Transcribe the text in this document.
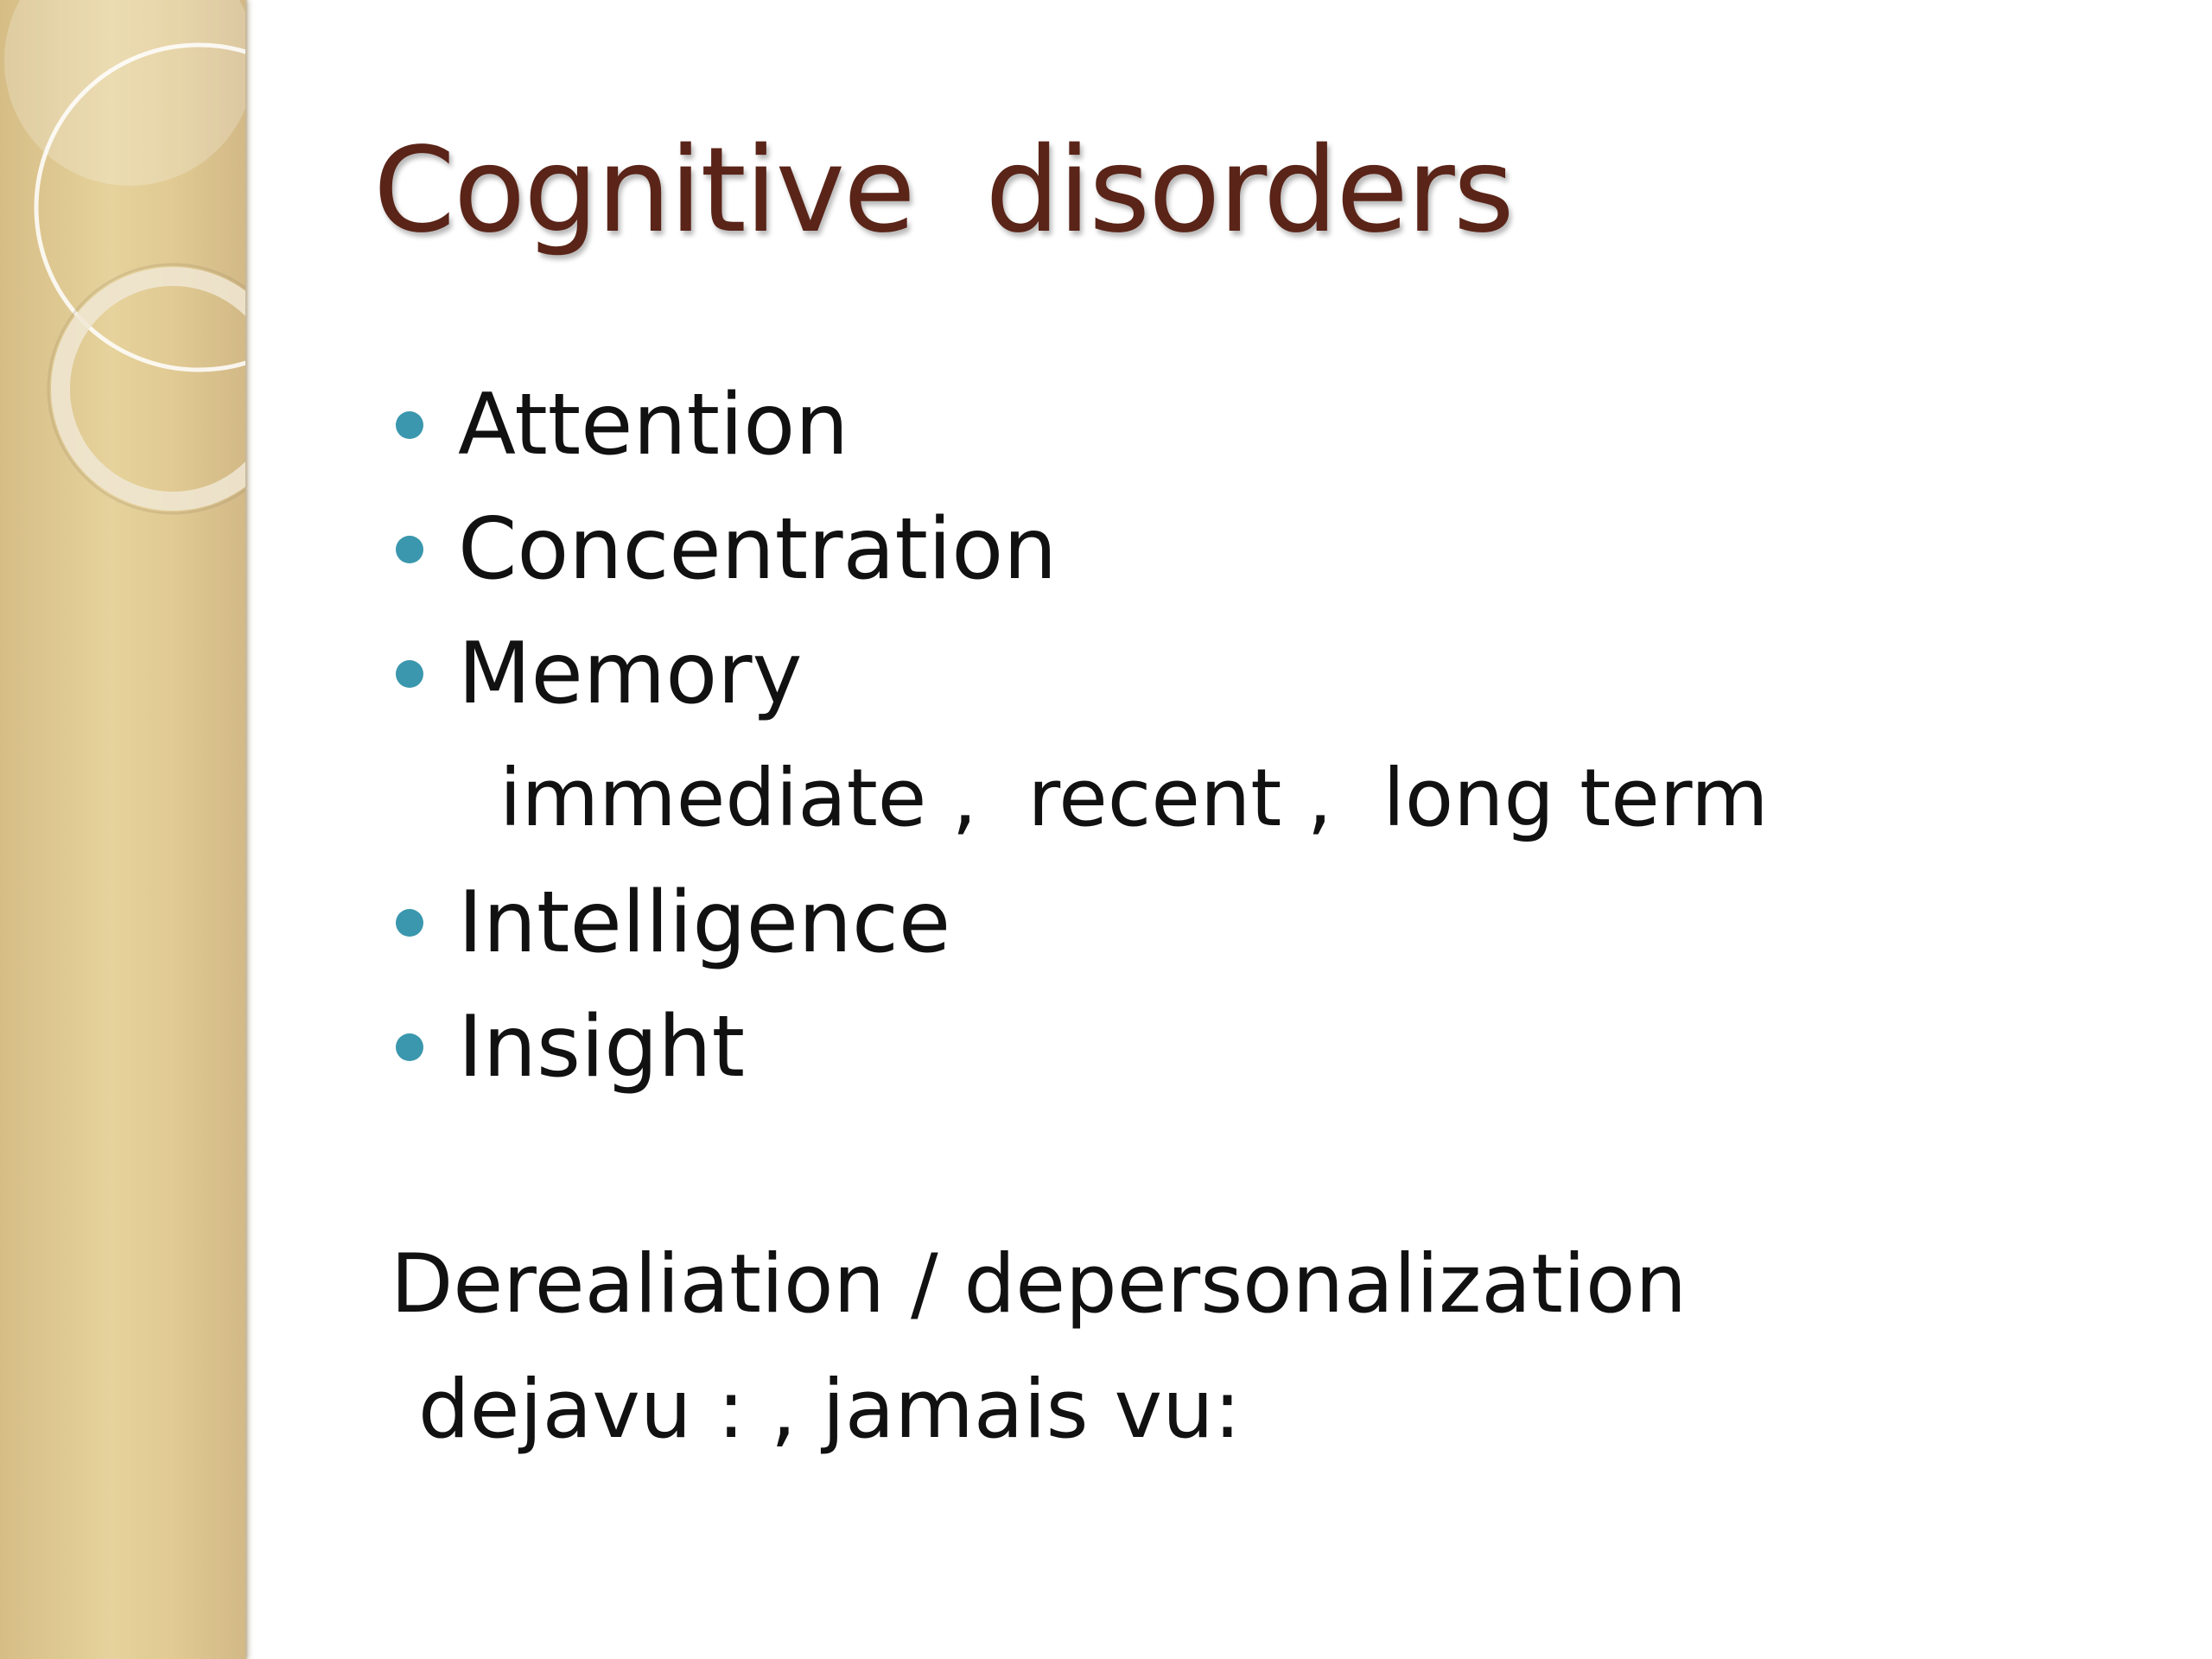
Cognitive  disorders
Attention
Concentration
Memory
immediate ,  recent ,  long term
Intelligence
Insight
Derealiation / depersonalization
dejavu : , jamais vu:
